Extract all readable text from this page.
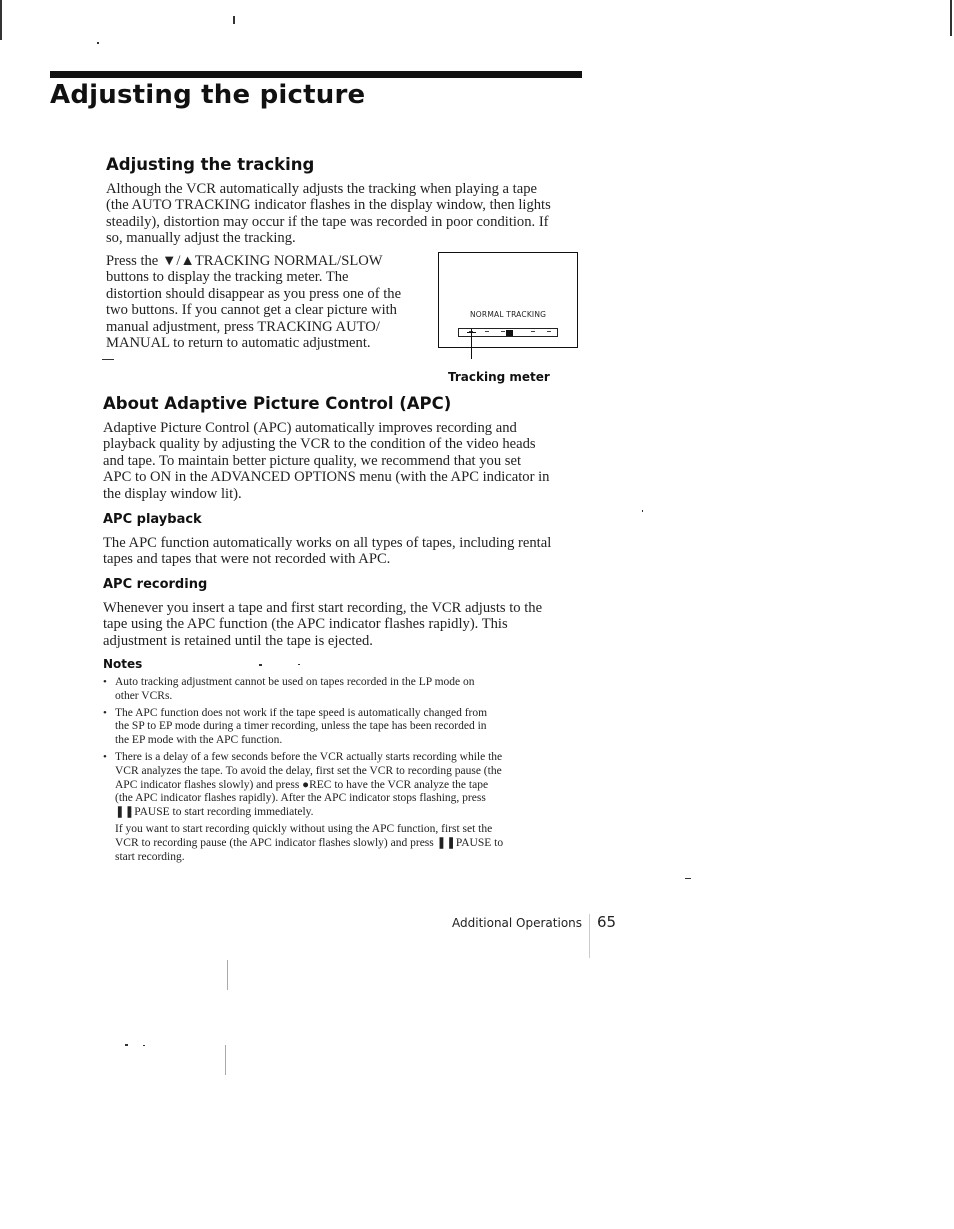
Adjusting the picture
Adjusting the tracking

Although the VCR automatically adjusts the tracking when playing a tape

(the AUTO TRACKING indicator flashes in the display window, then lights

steadily), distortion may occur if the tape was recorded in poor condition. If

so, manually adjust the tracking.

Press the ▼/▲TRACKING NORMAL/SLOW

buttons to display the tracking meter. The

distortion should disappear as you press one of the

two buttons. If you cannot get a clear picture with

manual adjustment, press TRACKING AUTO/

MANUAL to return to automatic adjustment.

NORMAL TRACKING
Tracking meter
About Adaptive Picture Control (APC)

Adaptive Picture Control (APC) automatically improves recording and

playback quality by adjusting the VCR to the condition of the video heads

and tape. To maintain better picture quality, we recommend that you set

APC to ON in the ADVANCED OPTIONS menu (with the APC indicator in

the display window lit).

APC playback

The APC function automatically works on all types of tapes, including rental

tapes and tapes that were not recorded with APC.

APC recording

Whenever you insert a tape and first start recording, the VCR adjusts to the

tape using the APC function (the APC indicator flashes rapidly). This

adjustment is retained until the tape is ejected.

Notes
• Auto tracking adjustment cannot be used on tapes recorded in the LP mode on
other VCRs.
• The APC function does not work if the tape speed is automatically changed from
the SP to EP mode during a timer recording, unless the tape has been recorded in
the EP mode with the APC function.
• There is a delay of a few seconds before the VCR actually starts recording while the
VCR analyzes the tape. To avoid the delay, first set the VCR to recording pause (the
APC indicator flashes slowly) and press ●REC to have the VCR analyze the tape
(the APC indicator flashes rapidly). After the APC indicator stops flashing, press
❚❚PAUSE to start recording immediately.
If you want to start recording quickly without using the APC function, first set the
VCR to recording pause (the APC indicator flashes slowly) and press ❚❚PAUSE to
start recording.
Additional Operations 65
